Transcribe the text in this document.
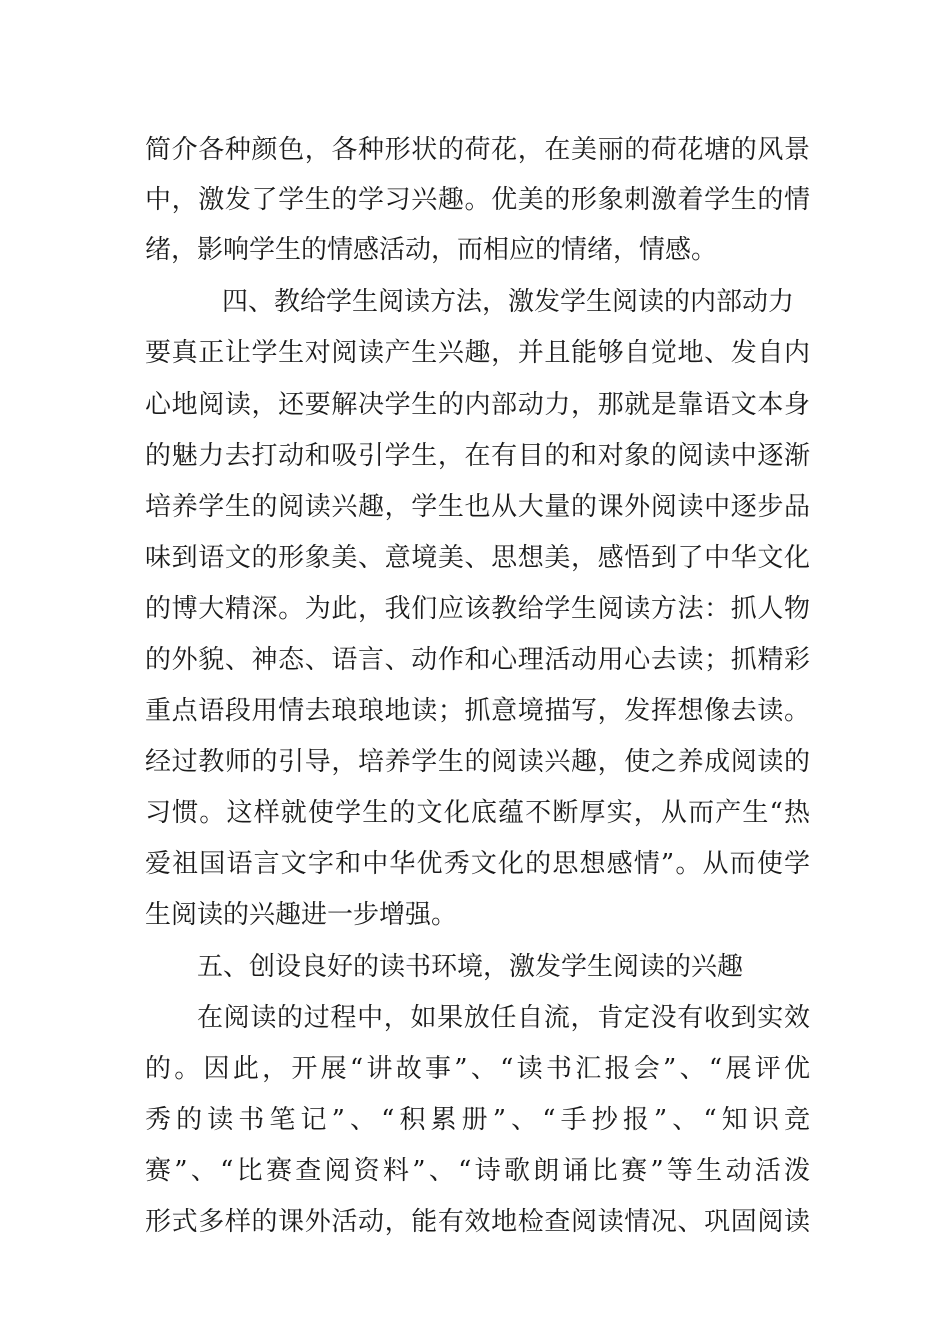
简介各种颜色，各种形状的荷花，在美丽的荷花塘的风景
中，激发了学生的学习兴趣。优美的形象刺激着学生的情
绪，影响学生的情感活动，而相应的情绪，情感。
四、教给学生阅读方法，激发学生阅读的内部动力
要真正让学生对阅读产生兴趣，并且能够自觉地、发自内
心地阅读，还要解决学生的内部动力，那就是靠语文本身
的魅力去打动和吸引学生，在有目的和对象的阅读中逐渐
培养学生的阅读兴趣，学生也从大量的课外阅读中逐步品
味到语文的形象美、意境美、思想美，感悟到了中华文化
的博大精深。为此，我们应该教给学生阅读方法：抓人物
的外貌、神态、语言、动作和心理活动用心去读；抓精彩
重点语段用情去琅琅地读；抓意境描写，发挥想像去读。
经过教师的引导，培养学生的阅读兴趣，使之养成阅读的
习惯。这样就使学生的文化底蕴不断厚实，从而产生“热
爱祖国语言文字和中华优秀文化的思想感情”。从而使学
生阅读的兴趣进一步增强。
五、创设良好的读书环境，激发学生阅读的兴趣
在阅读的过程中，如果放任自流，肯定没有收到实效
的。因此，开展“讲故事”、“读书汇报会”、“展评优
秀的读书笔记”、“积累册”、“手抄报”、“知识竞
赛”、“比赛查阅资料”、“诗歌朗诵比赛”等生动活泼
形式多样的课外活动，能有效地检查阅读情况、巩固阅读
